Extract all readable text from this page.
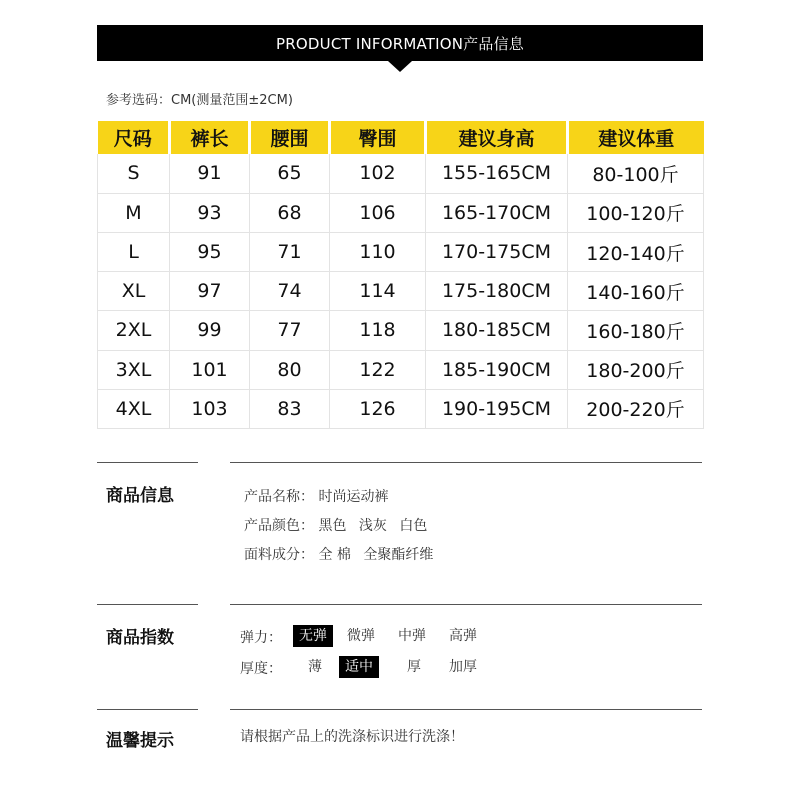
PRODUCT INFORMATION产品信息
参考选码：CM(测量范围±2CM)
尺码	裤长	腰围	臀围	建议身高	建议体重
S	91	65	102	155-165CM	80-100斤
M	93	68	106	165-170CM	100-120斤
L	95	71	110	170-175CM	120-140斤
XL	97	74	114	175-180CM	140-160斤
2XL	99	77	118	180-185CM	160-180斤
3XL	101	80	122	185-190CM	180-200斤
4XL	103	83	126	190-195CM	200-220斤
商品信息	产品名称： 时尚运动裤
产品颜色： 黑色 浅灰 白色
面料成分： 全 棉 全聚酯纤维
商品指数	弹力：	无弹	微弹 中弹 高弹
厚度： 薄	适中	厚 加厚
温馨提示	请根据产品上的洗涤标识进行洗涤！
